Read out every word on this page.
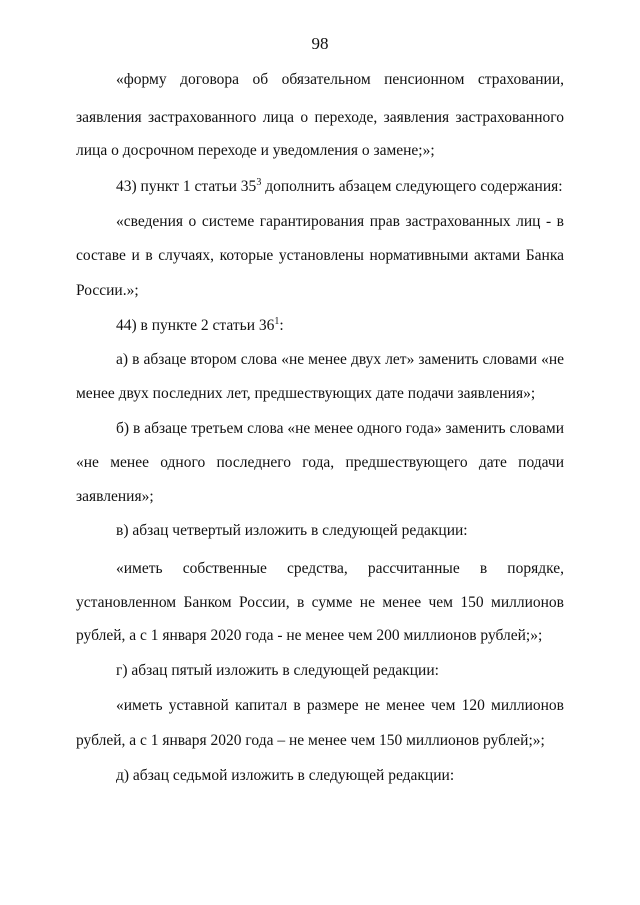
98
«форму договора об обязательном пенсионном страховании,
заявления застрахованного лица о переходе, заявления застрахованного
лица о досрочном переходе и уведомления о замене;»;
43) пункт 1 статьи $35^3$ дополнить абзацем следующего содержания:
«сведения о системе гарантирования прав застрахованных лиц - в
составе и в случаях, которые установлены нормативными актами Банка
России.»;
44) в пункте 2 статьи $36^1$:
а) в абзаце втором слова «не менее двух лет» заменить словами «не
менее двух последних лет, предшествующих дате подачи заявления»;
б) в абзаце третьем слова «не менее одного года» заменить словами
«не менее одного последнего года, предшествующего дате подачи
заявления»;
в) абзац четвертый изложить в следующей редакции:
«иметь собственные средства, рассчитанные в порядке,
установленном Банком России, в сумме не менее чем 150 миллионов
рублей, а с 1 января 2020 года - не менее чем 200 миллионов рублей;»;
г) абзац пятый изложить в следующей редакции:
«иметь уставной капитал в размере не менее чем 120 миллионов
рублей, а с 1 января 2020 года – не менее чем 150 миллионов рублей;»;
д) абзац седьмой изложить в следующей редакции:
